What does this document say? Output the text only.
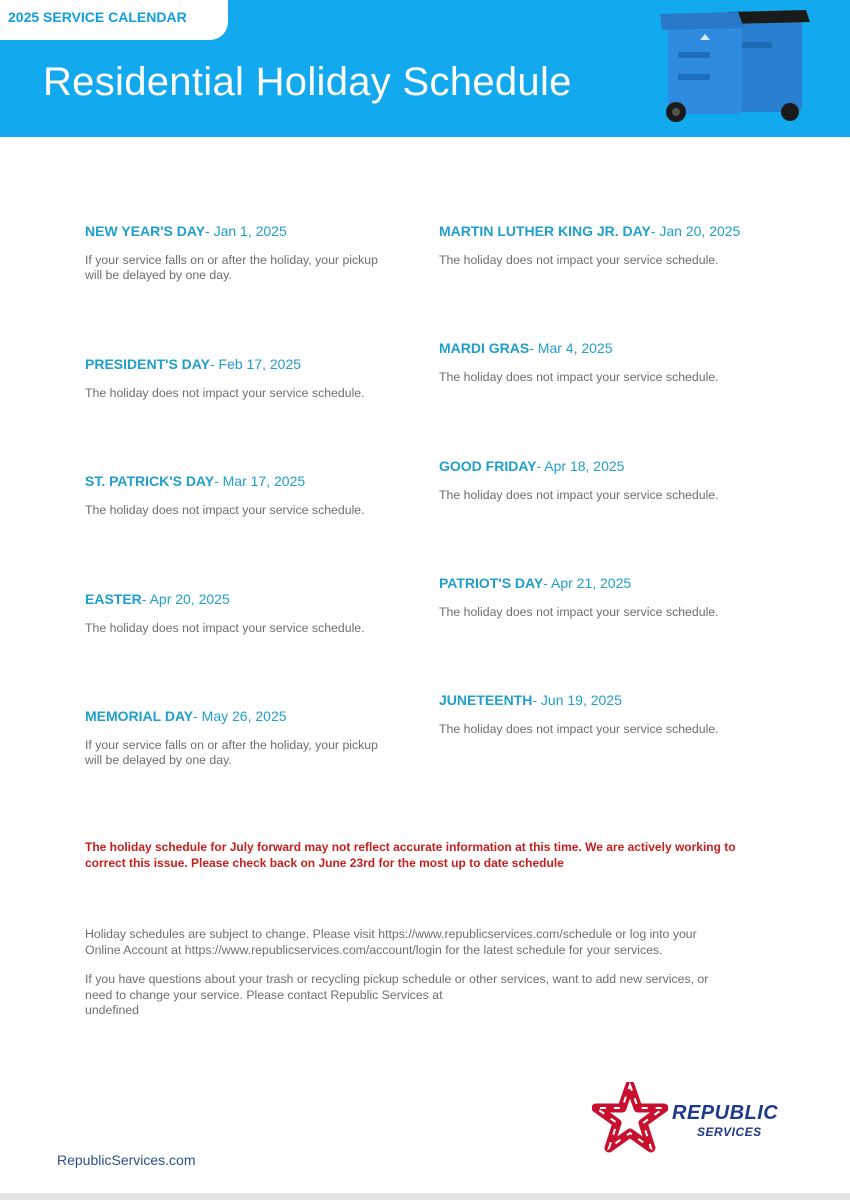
2025 SERVICE CALENDAR
Residential Holiday Schedule
NEW YEAR'S DAY- Jan 1, 2025
If your service falls on or after the holiday, your pickup
will be delayed by one day.
PRESIDENT'S DAY- Feb 17, 2025
The holiday does not impact your service schedule.
ST. PATRICK'S DAY- Mar 17, 2025
The holiday does not impact your service schedule.
EASTER- Apr 20, 2025
The holiday does not impact your service schedule.
MEMORIAL DAY- May 26, 2025
If your service falls on or after the holiday, your pickup
will be delayed by one day.
MARTIN LUTHER KING JR. DAY- Jan 20, 2025
The holiday does not impact your service schedule.
MARDI GRAS- Mar 4, 2025
The holiday does not impact your service schedule.
GOOD FRIDAY- Apr 18, 2025
The holiday does not impact your service schedule.
PATRIOT'S DAY- Apr 21, 2025
The holiday does not impact your service schedule.
JUNETEENTH- Jun 19, 2025
The holiday does not impact your service schedule.
The holiday schedule for July forward may not reflect accurate information at this time. We are actively working to
correct this issue. Please check back on June 23rd for the most up to date schedule
Holiday schedules are subject to change. Please visit https://www.republicservices.com/schedule or log into your
Online Account at https://www.republicservices.com/account/login for the latest schedule for your services.
If you have questions about your trash or recycling pickup schedule or other services, want to add new services, or
need to change your service. Please contact Republic Services at
undefined
REPUBLIC
SERVICES
RepublicServices.com
